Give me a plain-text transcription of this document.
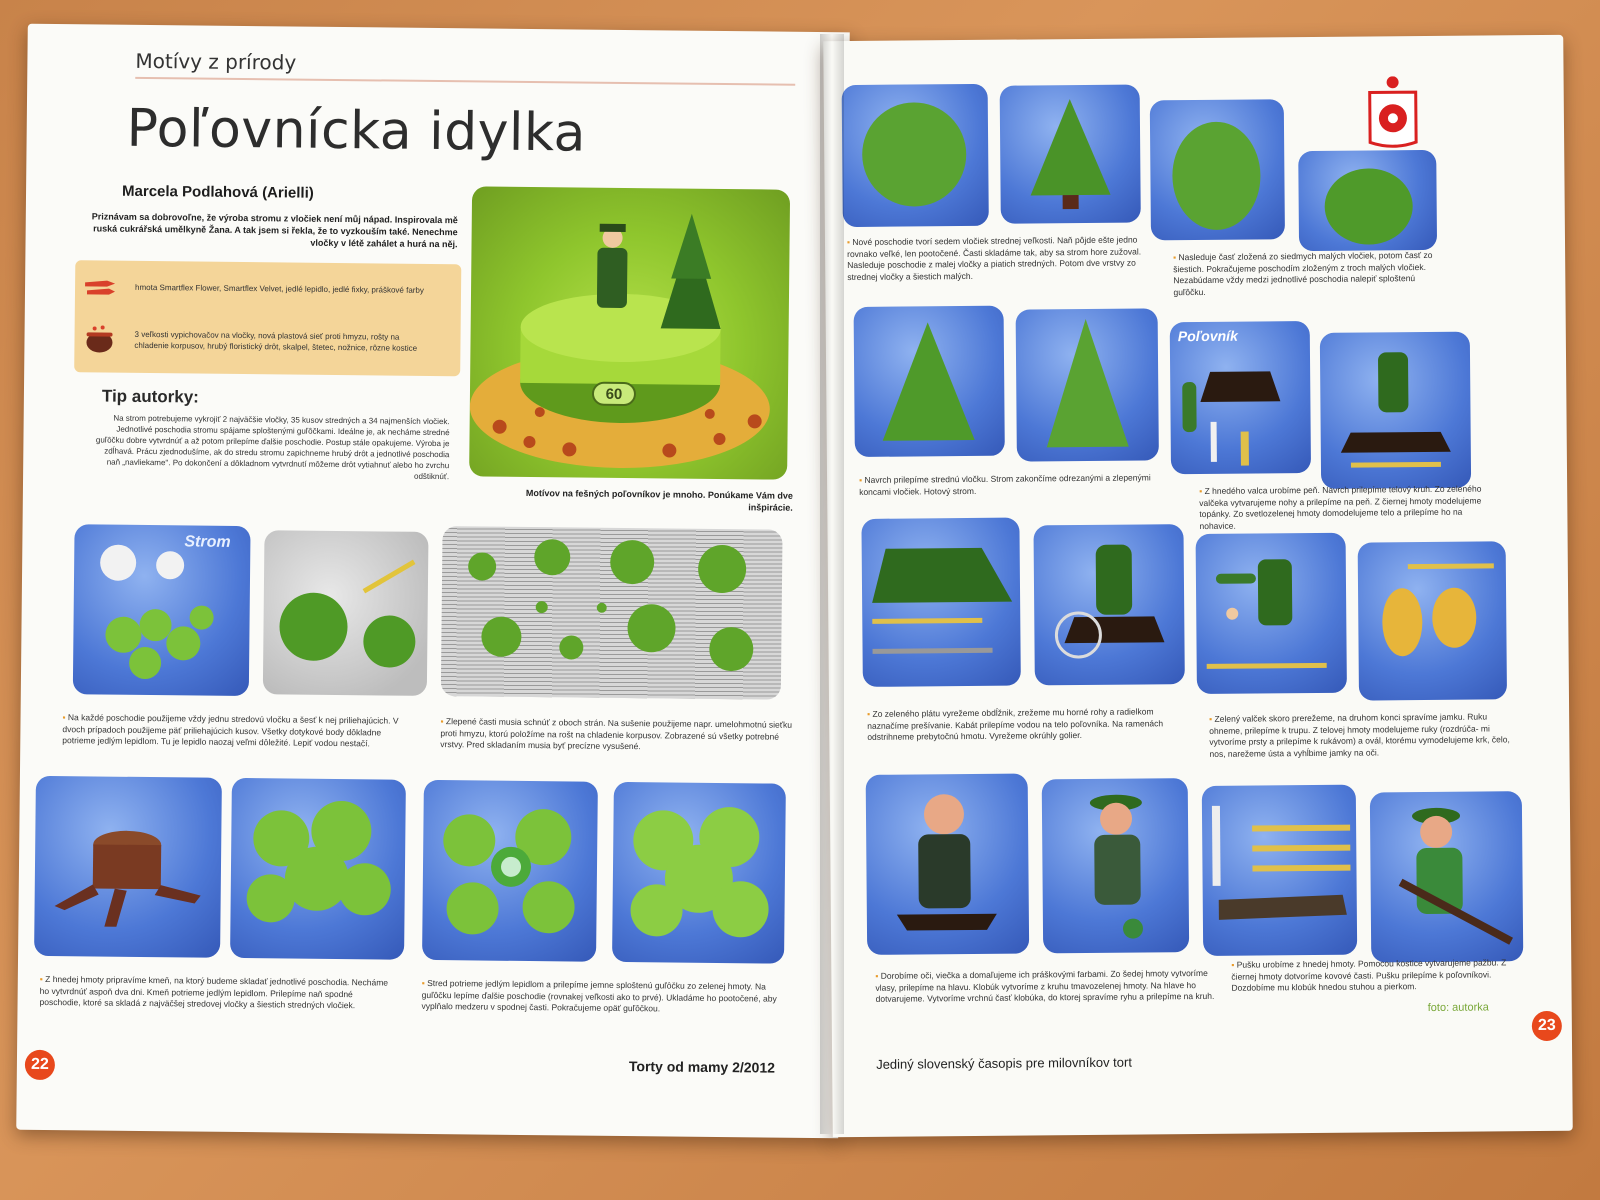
Motívy z prírody
Poľovnícka idylka
Marcela Podlahová (Arielli)
Priznávam sa dobrovoľne, že výroba stromu z vločiek není můj nápad. Inspirovala mě ruská cukrářská umělkyně Žana. A tak jsem si řekla, že to vyzkouším také. Nenechme vločky v létě zahálet a hurá na něj.
hmota Smartflex Flower, Smartflex Velvet, jedlé lepidlo, jedlé fixky, práškové farby
3 veľkosti vypichovačov na vločky, nová plastová sieť proti hmyzu, rošty na chladenie korpusov, hrubý floristický drôt, skalpel, štetec, nožnice, rôzne kostice
Tip autorky:
Na strom potrebujeme vykrojiť 2 najväčšie vločky, 35 kusov stredných a 34 najmenších vločiek. Jednotlivé poschodia stromu spájame sploštenými guľôčkami. Ideálne je, ak necháme stredné guľôčku dobre vytvrdnúť a až potom prilepíme ďalšie poschodie. Postup stále opakujeme. Výroba je zdĺhavá. Prácu zjednodušíme, ak do stredu stromu zapichneme hrubý drôt a jednotlivé poschodia naň „navliekame". Po dokončení a dôkladnom vytvrdnutí môžeme drôt vytiahnuť alebo ho zvrchu odštiknúť.
60
Motívov na fešných poľovníkov je mnoho. Ponúkame Vám dve inšpirácie.
Strom
▪ Na každé poschodie použijeme vždy jednu stredovú vločku a šesť k nej priliehajúcich. V dvoch prípadoch použijeme päť priliehajúcich kusov. Všetky dotykové body dôkladne potrieme jedlým lepidlom. Tu je lepidlo naozaj veľmi dôležité. Lepiť vodou nestačí.
▪ Zlepené časti musia schnúť z oboch strán. Na sušenie použijeme napr. umelohmotnú sieťku proti hmyzu, ktorú položíme na rošt na chladenie korpusov. Zobrazené sú všetky potrebné vrstvy. Pred skladaním musia byť precízne vysušené.
▪ Z hnedej hmoty pripravíme kmeň, na ktorý budeme skladať jednotlivé poschodia. Necháme ho vytvrdnúť aspoň dva dni. Kmeň potrieme jedlým lepidlom. Prilepíme naň spodné poschodie, ktoré sa skladá z najväčšej stredovej vločky a šiestich stredných vločiek.
▪ Stred potrieme jedlým lepidlom a prilepíme jemne sploštenú guľôčku zo zelenej hmoty. Na guľôčku lepíme ďalšie poschodie (rovnakej veľkosti ako to prvé). Ukladáme ho pootočené, aby vyplňalo medzeru v spodnej časti. Pokračujeme opäť guľôčkou.
Torty od mamy 2/2012
22
▪ Nové poschodie tvorí sedem vločiek strednej veľkosti. Naň pôjde ešte jedno rovnako veľké, len pootočené. Časti skladáme tak, aby sa strom hore zužoval. Nasleduje poschodie z malej vločky a piatich stredných. Potom dve vrstvy zo strednej vločky a šiestich malých.
▪ Nasleduje časť zložená zo siedmych malých vločiek, potom časť zo šiestich. Pokračujeme poschodím zloženým z troch malých vločiek. Nezabúdame vždy medzi jednotlivé poschodia nalepiť sploštenú guľôčku.
Poľovník
▪ Navrch prilepíme strednú vločku. Strom zakončíme odrezanými a zlepenými koncami vločiek. Hotový strom.	▪ Z hnedého valca urobíme peň. Navrch prilepíme telový kruh. Zo zeleného valčeka vytvarujeme nohy a prilepíme na peň. Z čiernej hmoty modelujeme topánky. Zo svetlozelenej hmoty domodelujeme telo a prilepíme ho na nohavice.
▪ Zo zeleného plátu vyrežeme obdĺžnik, zrežeme mu horné rohy a radielkom naznačíme prešívanie. Kabát prilepíme vodou na telo poľovníka. Na ramenách odstrihneme prebytočnú hmotu. Vyrežeme okrúhly golier.
▪ Zelený valček skoro prerežeme, na druhom konci spravíme jamku. Ruku ohneme, prilepíme k trupu. Z telovej hmoty modelujeme ruky (rozdrúča- mi vytvoríme prsty a prilepíme k rukávom) a ovál, ktorému vymodelujeme krk, čelo, nos, narežeme ústa a vyhĺbime jamky na oči.
▪ Dorobíme oči, viečka a domaľujeme ich práškovými farbami. Zo šedej hmoty vytvoríme vlasy, prilepíme na hlavu. Klobúk vytvoríme z kruhu tmavozelenej hmoty. Na hlave ho dotvarujeme. Vytvoríme vrchnú časť klobúka, do ktorej spravíme ryhu a prilepíme na kruh.
▪ Pušku urobíme z hnedej hmoty. Pomocou kostice vytvarujeme pažbu. Z čiernej hmoty dotvoríme kovové časti. Pušku prilepíme k poľovníkovi. Dozdobíme mu klobúk hnedou stuhou a pierkom.
foto: autorka
Jediný slovenský časopis pre milovníkov tort
23
